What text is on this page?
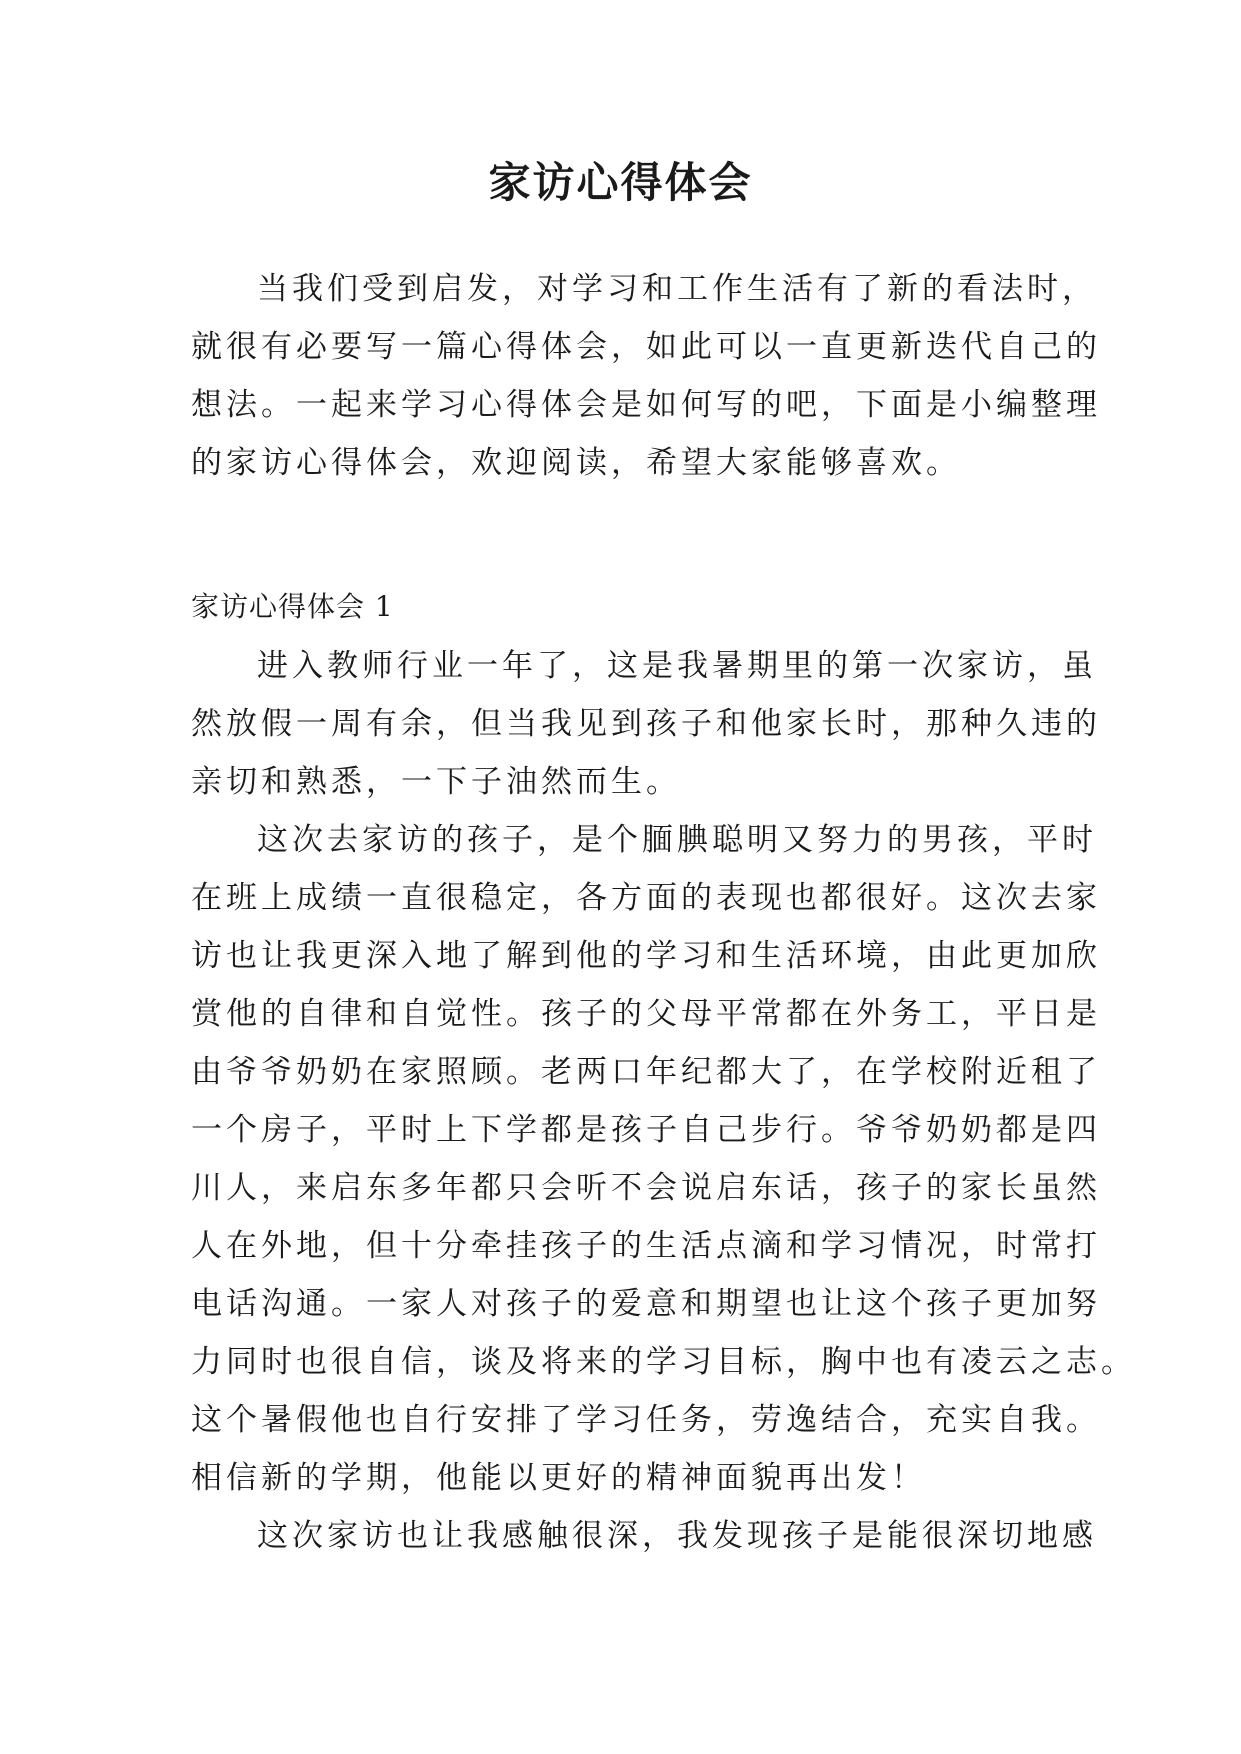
家访心得体会
当我们受到启发，对学习和工作生活有了新的看法时，
就很有必要写一篇心得体会，如此可以一直更新迭代自己的
想法。一起来学习心得体会是如何写的吧，下面是小编整理
的家访心得体会，欢迎阅读，希望大家能够喜欢。
家访心得体会 1
进入教师行业一年了，这是我暑期里的第一次家访，虽
然放假一周有余，但当我见到孩子和他家长时，那种久违的
亲切和熟悉，一下子油然而生。
这次去家访的孩子，是个腼腆聪明又努力的男孩，平时
在班上成绩一直很稳定，各方面的表现也都很好。这次去家
访也让我更深入地了解到他的学习和生活环境，由此更加欣
赏他的自律和自觉性。孩子的父母平常都在外务工，平日是
由爷爷奶奶在家照顾。老两口年纪都大了，在学校附近租了
一个房子，平时上下学都是孩子自己步行。爷爷奶奶都是四
川人，来启东多年都只会听不会说启东话，孩子的家长虽然
人在外地，但十分牵挂孩子的生活点滴和学习情况，时常打
电话沟通。一家人对孩子的爱意和期望也让这个孩子更加努
力同时也很自信，谈及将来的学习目标，胸中也有凌云之志。
这个暑假他也自行安排了学习任务，劳逸结合，充实自我。
相信新的学期，他能以更好的精神面貌再出发！
这次家访也让我感触很深，我发现孩子是能很深切地感
